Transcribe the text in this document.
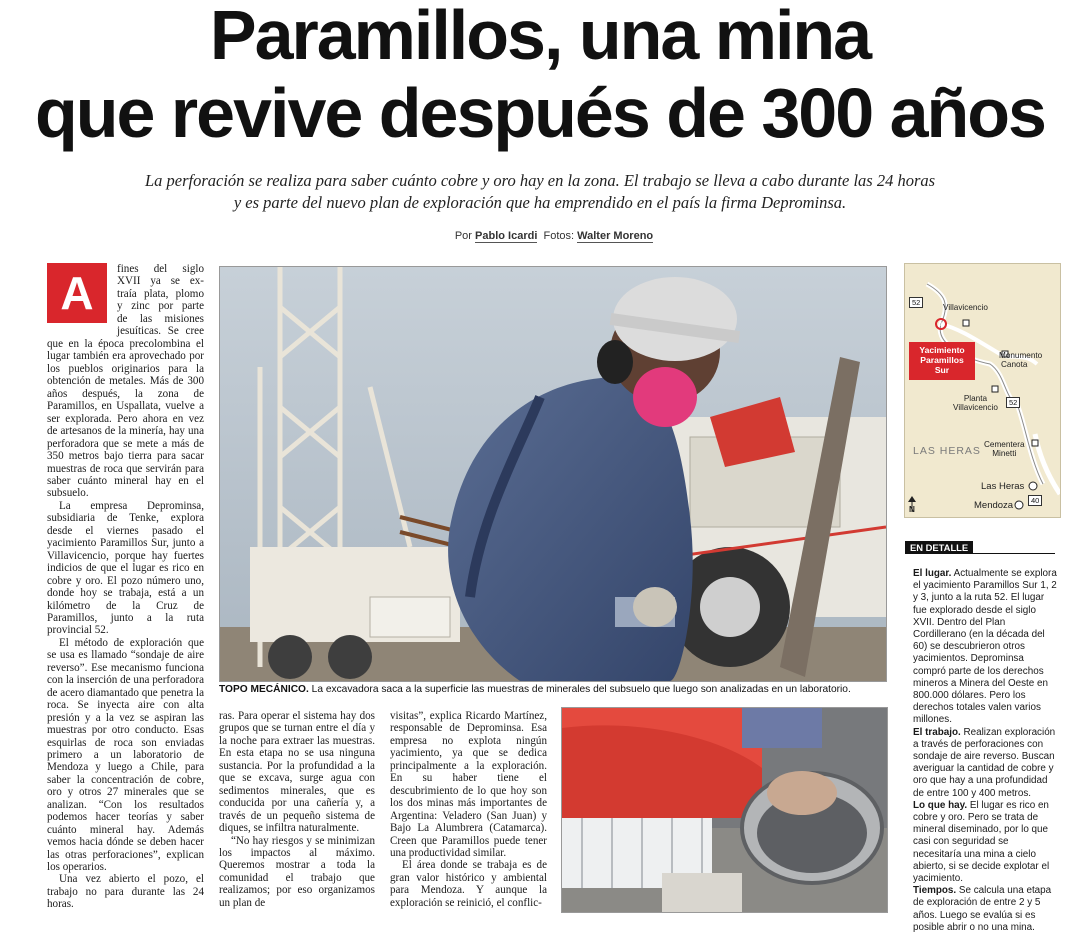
Paramillos, una mina
que revive después de 300 años
La perforación se realiza para saber cuánto cobre y oro hay en la zona. El trabajo se lleva a cabo durante las 24 horas
y es parte del nuevo plan de exploración que ha emprendido en el país la firma Deprominsa.
Por Pablo Icardi Fotos: Walter Moreno
A	fines del siglo
XVII ya se ex-
traía plata, plomo
y zinc por parte
de las misiones
jesuíticas. Se cree

que en la época precolombina el lugar también era aprovechado por los pueblos originarios para la obtención de metales. Más de 300 años después, la zona de Paramillos, en Uspallata, vuelve a ser explorada. Pero ahora en vez de artesanos de la minería, hay una perforadora que se mete a más de 350 metros bajo tierra para sacar muestras de roca que servirán para saber cuánto mineral hay en el subsuelo.

La empresa Deprominsa, subsidiaria de Tenke, explora desde el viernes pasado el yacimiento Paramillos Sur, junto a Villavicencio, porque hay fuertes indicios de que el lugar es rico en cobre y oro. El pozo número uno, donde hoy se trabaja, está a un kilómetro de la Cruz de Paramillos, junto a la ruta provincial 52.

El método de exploración que se usa es llamado “sondaje de aire reverso”. Ese mecanismo funciona con la inserción de una perforadora de acero diamantado que penetra la roca. Se inyecta aire con alta presión y a la vez se aspiran las muestras por otro conducto. Esas esquirlas de roca son enviadas primero a un laboratorio de Mendoza y luego a Chile, para saber la concentración de cobre, oro y otros 27 minerales que se analizan. “Con los resultados podemos hacer teorías y saber cuánto mineral hay. Además vemos hacia dónde se deben hacer las otras perforaciones”, explican los operarios.

Una vez abierto el pozo, el trabajo no para durante las 24 horas.

TOPO MECÁNICO. La excavadora saca a la superficie las muestras de minerales del subsuelo que luego son analizadas en un laboratorio.

ras. Para operar el sistema hay dos grupos que se turnan entre el día y la noche para extraer las muestras. En esta etapa no se usa ninguna sustancia. Por la profundidad a la que se excava, surge agua con sedimentos minerales, que es conducida por una cañería y, a través de un pequeño sistema de diques, se infiltra naturalmente.

“No hay riesgos y se minimizan los impactos al máximo. Queremos mostrar a toda la comunidad el trabajo que realizamos; por eso organizamos un plan de

visitas”, explica Ricardo Martínez, responsable de Deprominsa. Esa empresa no explota ningún yacimiento, ya que se dedica principalmente a la exploración. En su haber tiene el descubrimiento de lo que hoy son los dos minas más importantes de Argentina: Veladero (San Juan) y Bajo La Alumbrera (Catamarca). Creen que Paramillos puede tener una productividad similar.

El área donde se trabaja es de gran valor histórico y ambiental para Mendoza. Y aunque la exploración se reinició, el conflic-

52
Villavicencio
Yacimiento
Paramillos
Sur
Monumento
Canota
Planta
Villavicencio
52
LAS HERAS
Cementera
Minetti
Las Heras
Mendoza	40
N
EN DETALLE

El lugar. Actualmente se explora el yacimiento Paramillos Sur 1, 2 y 3, junto a la ruta 52. El lugar fue explorado desde el siglo XVII. Dentro del Plan Cordillerano (en la década del 60) se descubrieron otros yacimientos. Deprominsa compró parte de los derechos mineros a Minera del Oeste en 800.000 dólares. Pero los derechos totales valen varios millones.

El trabajo. Realizan exploración a través de perforaciones con sondaje de aire reverso. Buscan averiguar la cantidad de cobre y oro que hay a una profundidad de entre 100 y 400 metros.

Lo que hay. El lugar es rico en cobre y oro. Pero se trata de mineral diseminado, por lo que casi con seguridad se necesitaría una mina a cielo abierto, si se decide explotar el yacimiento.

Tiempos. Se calcula una etapa de exploración de entre 2 y 5 años. Luego se evalúa si es posible abrir o no una mina.
